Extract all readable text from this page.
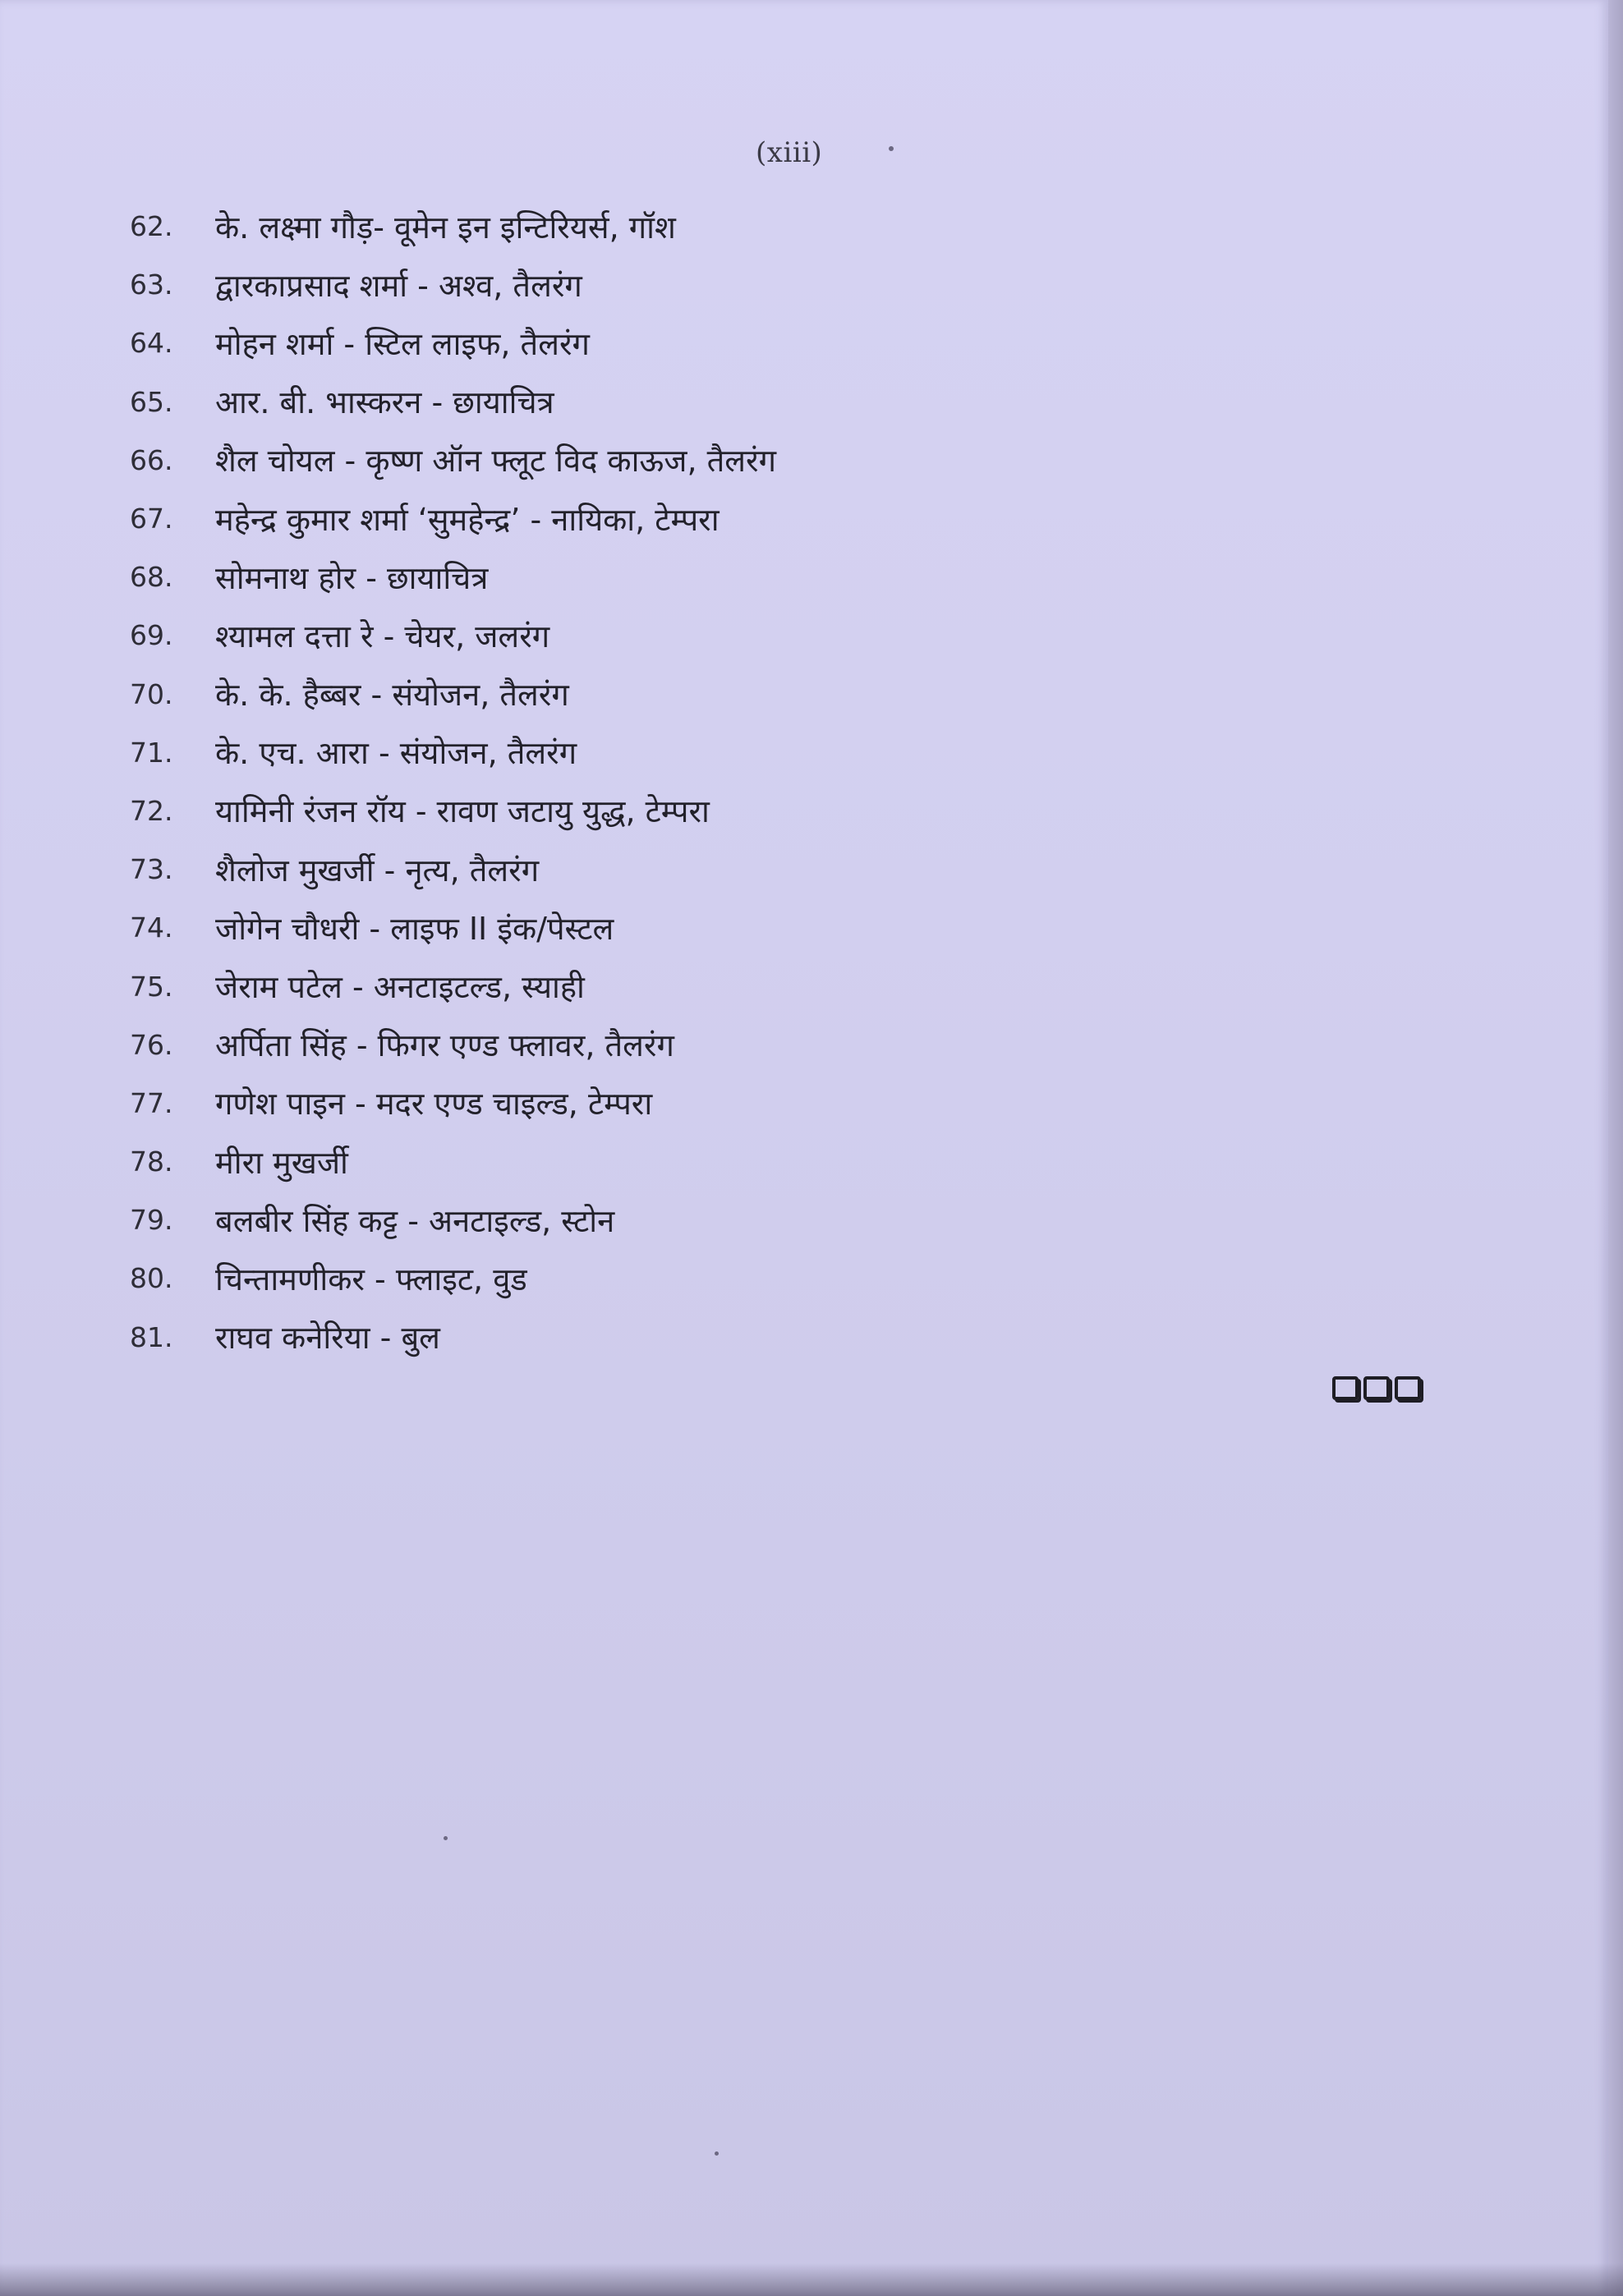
(xiii)
62.	के. लक्ष्मा गौड़- वूमेन इन इन्टिरियर्स, गॉश
63.	द्वारकाप्रसाद शर्मा - अश्व, तैलरंग
64.	मोहन शर्मा - स्टिल लाइफ, तैलरंग
65.	आर. बी. भास्करन - छायाचित्र
66.	शैल चोयल - कृष्ण ऑन फ्लूट विद काऊज, तैलरंग
67.	महेन्द्र कुमार शर्मा ‘सुमहेन्द्र’ - नायिका, टेम्परा
68.	सोमनाथ होर - छायाचित्र
69.	श्यामल दत्ता रे - चेयर, जलरंग
70.	के. के. हैब्बर - संयोजन, तैलरंग
71.	के. एच. आरा - संयोजन, तैलरंग
72.	यामिनी रंजन रॉय - रावण जटायु युद्ध, टेम्परा
73.	शैलोज मुखर्जी - नृत्य, तैलरंग
74.	जोगेन चौधरी - लाइफ II इंक/पेस्टल
75.	जेराम पटेल - अनटाइटल्ड, स्याही
76.	अर्पिता सिंह - फिगर एण्ड फ्लावर, तैलरंग
77.	गणेश पाइन - मदर एण्ड चाइल्ड, टेम्परा
78.	मीरा मुखर्जी
79.	बलबीर सिंह कट्ट - अनटाइल्ड, स्टोन
80.	चिन्तामणीकर - फ्लाइट, वुड
81.	राघव कनेरिया - बुल
